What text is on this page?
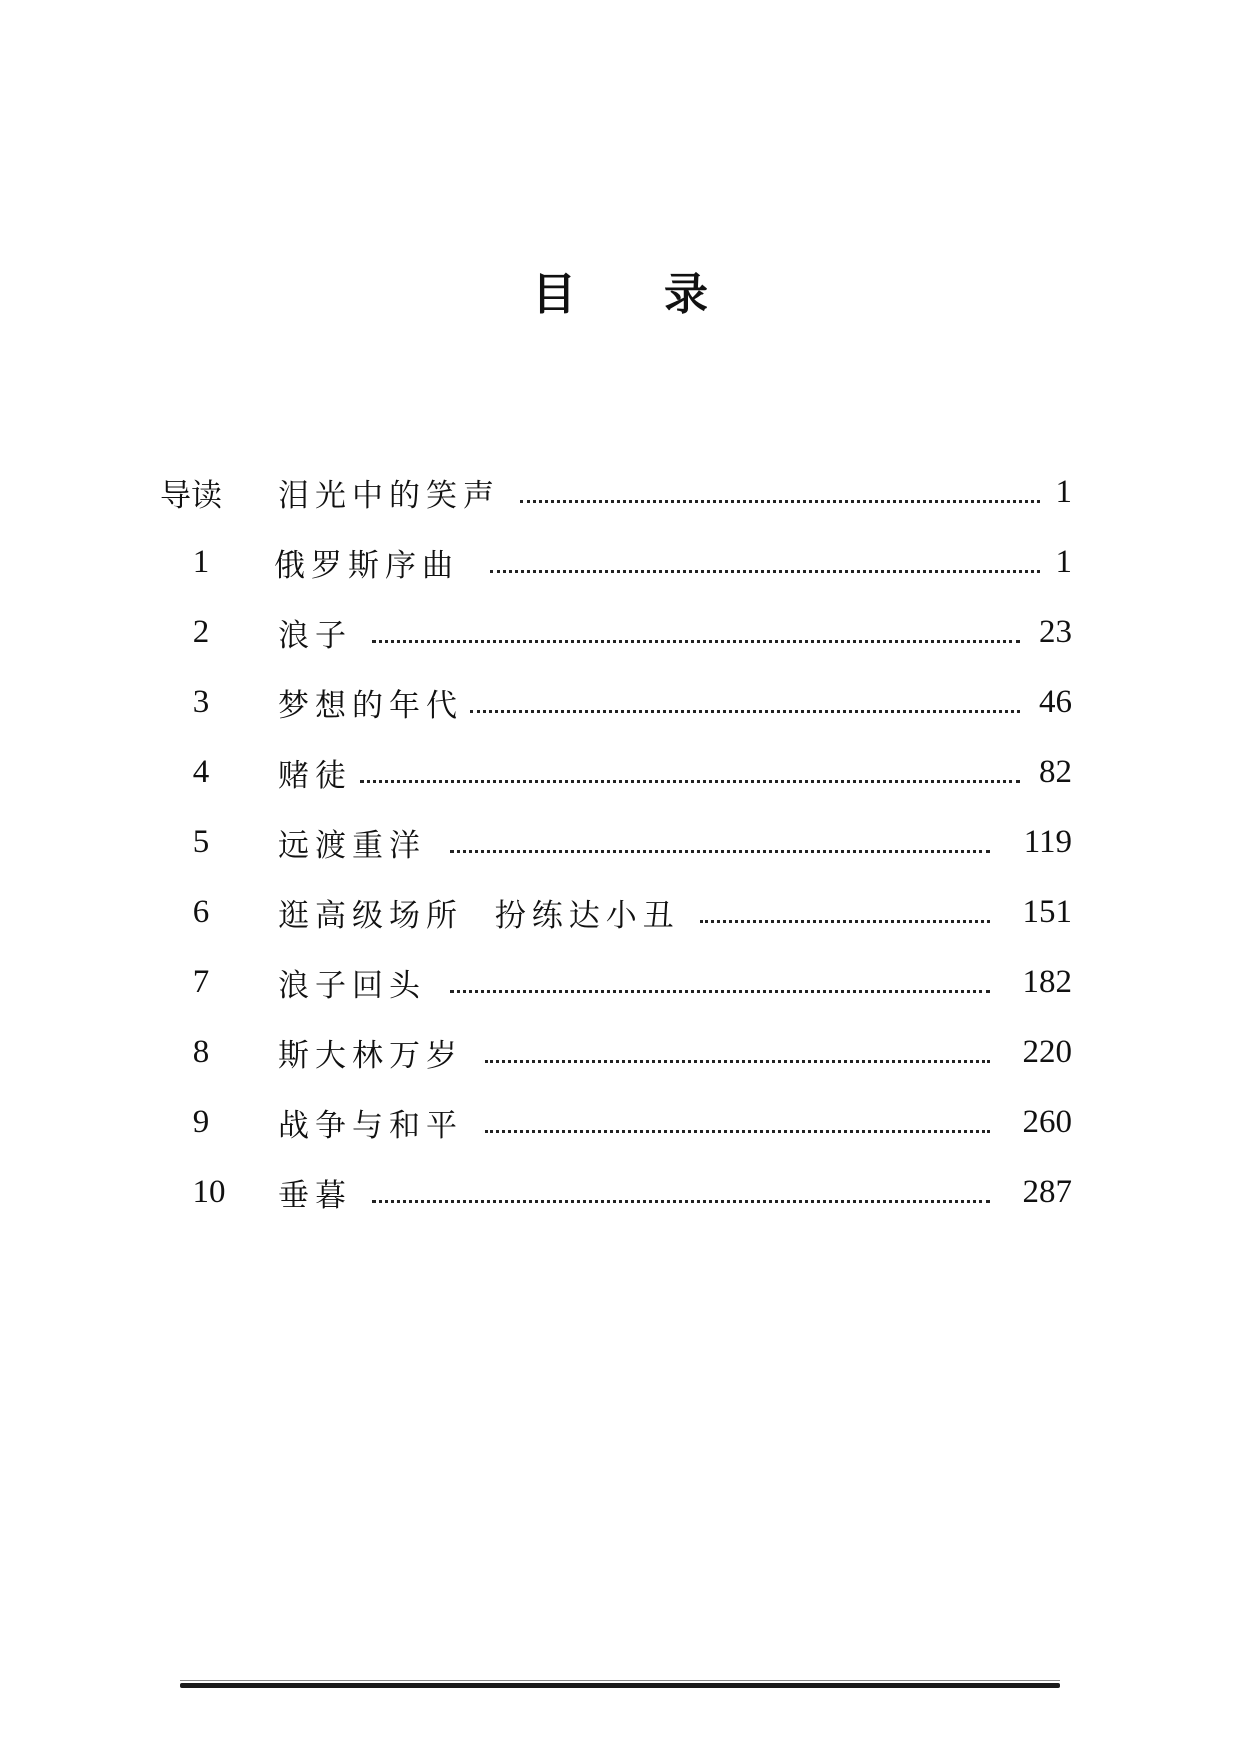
目 录
导读	泪光中的笑声	1
1	俄罗斯序曲	1
2	浪子	23
3	梦想的年代	46
4	赌徒	82
5	远渡重洋	119
6	逛高级场所  扮练达小丑	151
7	浪子回头	182
8	斯大林万岁	220
9	战争与和平	260
10	垂暮	287
